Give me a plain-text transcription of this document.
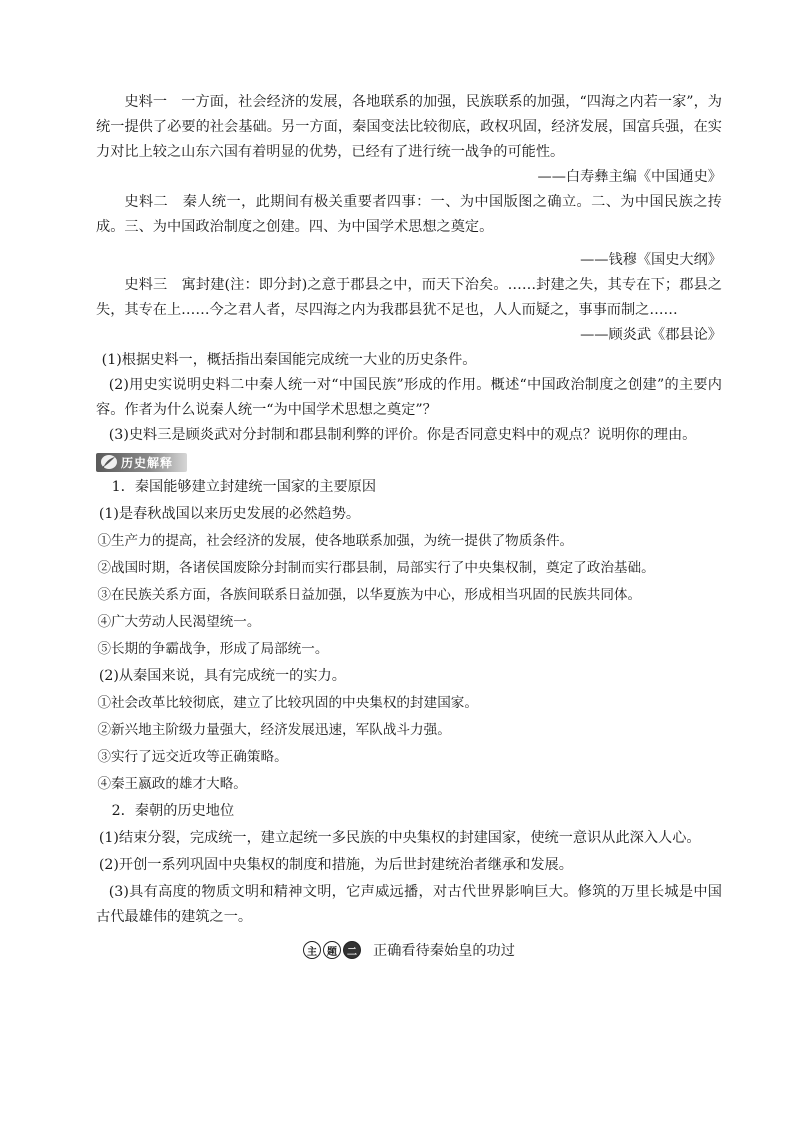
史料一　一方面，社会经济的发展，各地联系的加强，民族联系的加强，“四海之内若一家”，为统一提供了必要的社会基础。另一方面，秦国变法比较彻底，政权巩固，经济发展，国富兵强，在实力对比上较之山东六国有着明显的优势，已经有了进行统一战争的可能性。

——白寿彝主编《中国通史》

史料二　秦人统一，此期间有极关重要者四事：一、为中国版图之确立。二、为中国民族之抟成。三、为中国政治制度之创建。四、为中国学术思想之奠定。

——钱穆《国史大纲》

史料三　寓封建(注：即分封)之意于郡县之中，而天下治矣。……封建之失，其专在下；郡县之失，其专在上……今之君人者，尽四海之内为我郡县犹不足也，人人而疑之，事事而制之……

——顾炎武《郡县论》

(1)根据史料一，概括指出秦国能完成统一大业的历史条件。

(2)用史实说明史料二中秦人统一对“中国民族”形成的作用。概述“中国政治制度之创建”的主要内容。作者为什么说秦人统一“为中国学术思想之奠定”？

(3)史料三是顾炎武对分封制和郡县制利弊的评价。你是否同意史料中的观点？说明你的理由。

历史解释

1．秦国能够建立封建统一国家的主要原因

(1)是春秋战国以来历史发展的必然趋势。

①生产力的提高，社会经济的发展，使各地联系加强，为统一提供了物质条件。

②战国时期，各诸侯国废除分封制而实行郡县制，局部实行了中央集权制，奠定了政治基础。

③在民族关系方面，各族间联系日益加强，以华夏族为中心，形成相当巩固的民族共同体。

④广大劳动人民渴望统一。

⑤长期的争霸战争，形成了局部统一。

(2)从秦国来说，具有完成统一的实力。

①社会改革比较彻底，建立了比较巩固的中央集权的封建国家。

②新兴地主阶级力量强大，经济发展迅速，军队战斗力强。

③实行了远交近攻等正确策略。

④秦王嬴政的雄才大略。

2．秦朝的历史地位

(1)结束分裂，完成统一，建立起统一多民族的中央集权的封建国家，使统一意识从此深入人心。

(2)开创一系列巩固中央集权的制度和措施，为后世封建统治者继承和发展。

(3)具有高度的物质文明和精神文明，它声威远播，对古代世界影响巨大。修筑的万里长城是中国古代最雄伟的建筑之一。

主	题	二 正确看待秦始皇的功过
